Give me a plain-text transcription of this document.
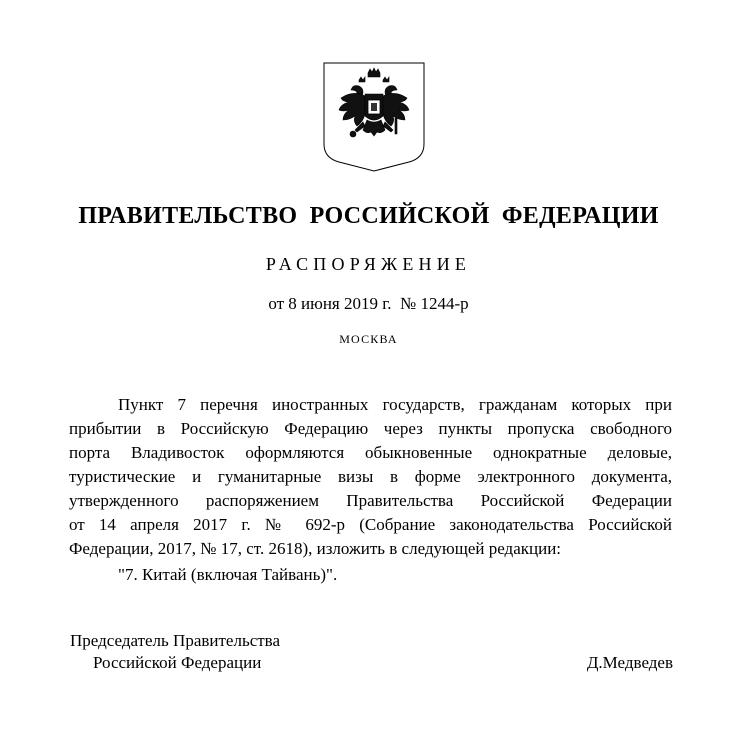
ПРАВИТЕЛЬСТВО РОССИЙСКОЙ ФЕДЕРАЦИИ
РАСПОРЯЖЕНИЕ
от 8 июня 2019 г.  № 1244-р
МОСКВА
Пункт 7 перечня иностранных государств, гражданам которых при
прибытии в Российскую Федерацию через пункты пропуска свободного
порта Владивосток оформляются обыкновенные однократные деловые,
туристические и гуманитарные визы в форме электронного документа,
утвержденного распоряжением Правительства Российской Федерации
от 14 апреля 2017 г. № 692-р (Собрание законодательства Российской
Федерации, 2017, № 17, ст. 2618), изложить в следующей редакции:
"7. Китай (включая Тайвань)".
Председатель Правительства
Российской Федерации	Д.Медведев
